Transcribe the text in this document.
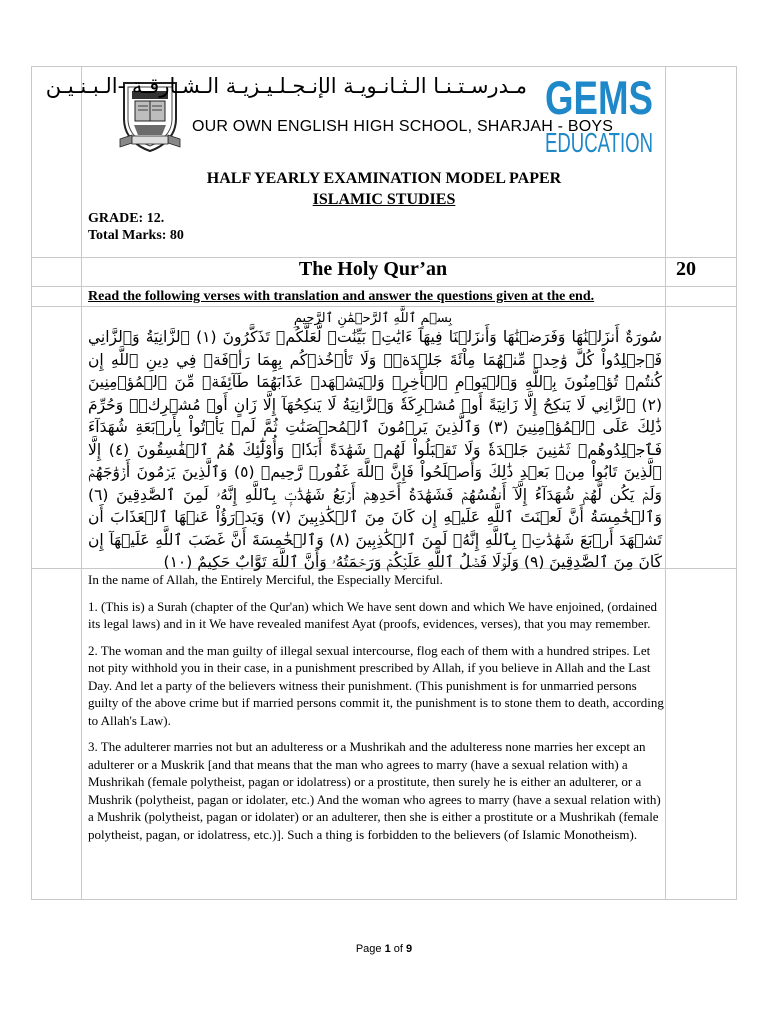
مـدرسـتـنـا الـثـانـويـة الإنـجـلـيـزيـة الـشـارقـة -الـبـنـيـن
OUR OWN ENGLISH HIGH SCHOOL, SHARJAH - BOYS
GEMS
EDUCATION
HALF YEARLY EXAMINATION MODEL PAPER
ISLAMIC STUDIES
GRADE: 12.
Total Marks: 80
The Holy Qur’an	20
Read the following verses with translation and answer the questions given at the end.
بِسۡمِ ٱللَّهِ ٱلرَّحۡمَٰنِ ٱلرَّحِيمِ
سُورَةٌ أَنزَلۡنَٰهَا وَفَرَضۡنَٰهَا وَأَنزَلۡنَا فِيهَآ ءَايَٰتِۭ بَيِّنَٰتٖ لَّعَلَّكُمۡ تَذَكَّرُونَ (١) ٱلزَّانِيَةُ وَٱلزَّانِي فَٱجۡلِدُواْ كُلَّ وَٰحِدٖ مِّنۡهُمَا مِاْئَةَ جَلۡدَةٖۖ وَلَا تَأۡخُذۡكُم بِهِمَا رَأۡفَةٞ فِي دِينِ ٱللَّهِ إِن كُنتُمۡ تُؤۡمِنُونَ بِٱللَّهِ وَٱلۡيَوۡمِ ٱلۡأٓخِرِۖ وَلۡيَشۡهَدۡ عَذَابَهُمَا طَآئِفَةٞ مِّنَ ٱلۡمُؤۡمِنِينَ (٢) ٱلزَّانِي لَا يَنكِحُ إِلَّا زَانِيَةً أَوۡ مُشۡرِكَةٗ وَٱلزَّانِيَةُ لَا يَنكِحُهَآ إِلَّا زَانٍ أَوۡ مُشۡرِكٞۚ وَحُرِّمَ ذَٰلِكَ عَلَى ٱلۡمُؤۡمِنِينَ (٣) وَٱلَّذِينَ يَرۡمُونَ ٱلۡمُحۡصَنَٰتِ ثُمَّ لَمۡ يَأۡتُواْ بِأَرۡبَعَةِ شُهَدَآءَ فَٱجۡلِدُوهُمۡ ثَمَٰنِينَ جَلۡدَةٗ وَلَا تَقۡبَلُواْ لَهُمۡ شَهَٰدَةً أَبَدٗاۚ وَأُوْلَٰٓئِكَ هُمُ ٱلۡفَٰسِقُونَ (٤) إِلَّا ٱلَّذِينَ تَابُواْ مِنۢ بَعۡدِ ذَٰلِكَ وَأَصۡلَحُواْ فَإِنَّ ٱللَّهَ غَفُورٞ رَّحِيمٞ (٥) وَٱلَّذِينَ يَرۡمُونَ أَزۡوَٰجَهُمۡ وَلَمۡ يَكُن لَّهُمۡ شُهَدَآءُ إِلَّآ أَنفُسُهُمۡ فَشَهَٰدَةُ أَحَدِهِمۡ أَرۡبَعُ شَهَٰدَٰتِۭ بِٱللَّهِ إِنَّهُۥ لَمِنَ ٱلصَّٰدِقِينَ (٦) وَٱلۡخَٰمِسَةُ أَنَّ لَعۡنَتَ ٱللَّهِ عَلَيۡهِ إِن كَانَ مِنَ ٱلۡكَٰذِبِينَ (٧) وَيَدۡرَؤُاْ عَنۡهَا ٱلۡعَذَابَ أَن تَشۡهَدَ أَرۡبَعَ شَهَٰدَٰتِۭ بِٱللَّهِ إِنَّهُۥ لَمِنَ ٱلۡكَٰذِبِينَ (٨) وَٱلۡخَٰمِسَةَ أَنَّ غَضَبَ ٱللَّهِ عَلَيۡهَآ إِن كَانَ مِنَ ٱلصَّٰدِقِينَ (٩) وَلَوۡلَا فَضۡلُ ٱللَّهِ عَلَيۡكُمۡ وَرَحۡمَتُهُۥ وَأَنَّ ٱللَّهَ تَوَّابٌ حَكِيمٌ (١٠)

In the name of Allah, the Entirely Merciful, the Especially Merciful.

1. (This is) a Surah (chapter of the Qur'an) which We have sent down and which We have enjoined, (ordained its legal laws) and in it We have revealed manifest Ayat (proofs, evidences, verses), that you may remember.

2. The woman and the man guilty of illegal sexual intercourse, flog each of them with a hundred stripes. Let not pity withhold you in their case, in a punishment prescribed by Allah, if you believe in Allah and the Last Day. And let a party of the believers witness their punishment. (This punishment is for unmarried persons guilty of the above crime but if married persons commit it, the punishment is to stone them to death, according to Allah's Law).

3. The adulterer marries not but an adulteress or a Mushrikah and the adulteress none marries her except an adulterer or a Muskrik [and that means that the man who agrees to marry (have a sexual relation with) a Mushrikah (female polytheist, pagan or idolatress) or a prostitute, then surely he is either an adulterer, or a Mushrik (polytheist, pagan or idolater, etc.) And the woman who agrees to marry (have a sexual relation with) a Mushrik (polytheist, pagan or idolater) or an adulterer, then she is either a prostitute or a Mushrikah (female polytheist, pagan, or idolatress, etc.)]. Such a thing is forbidden to the believers (of Islamic Monotheism).

Page 1 of 9
